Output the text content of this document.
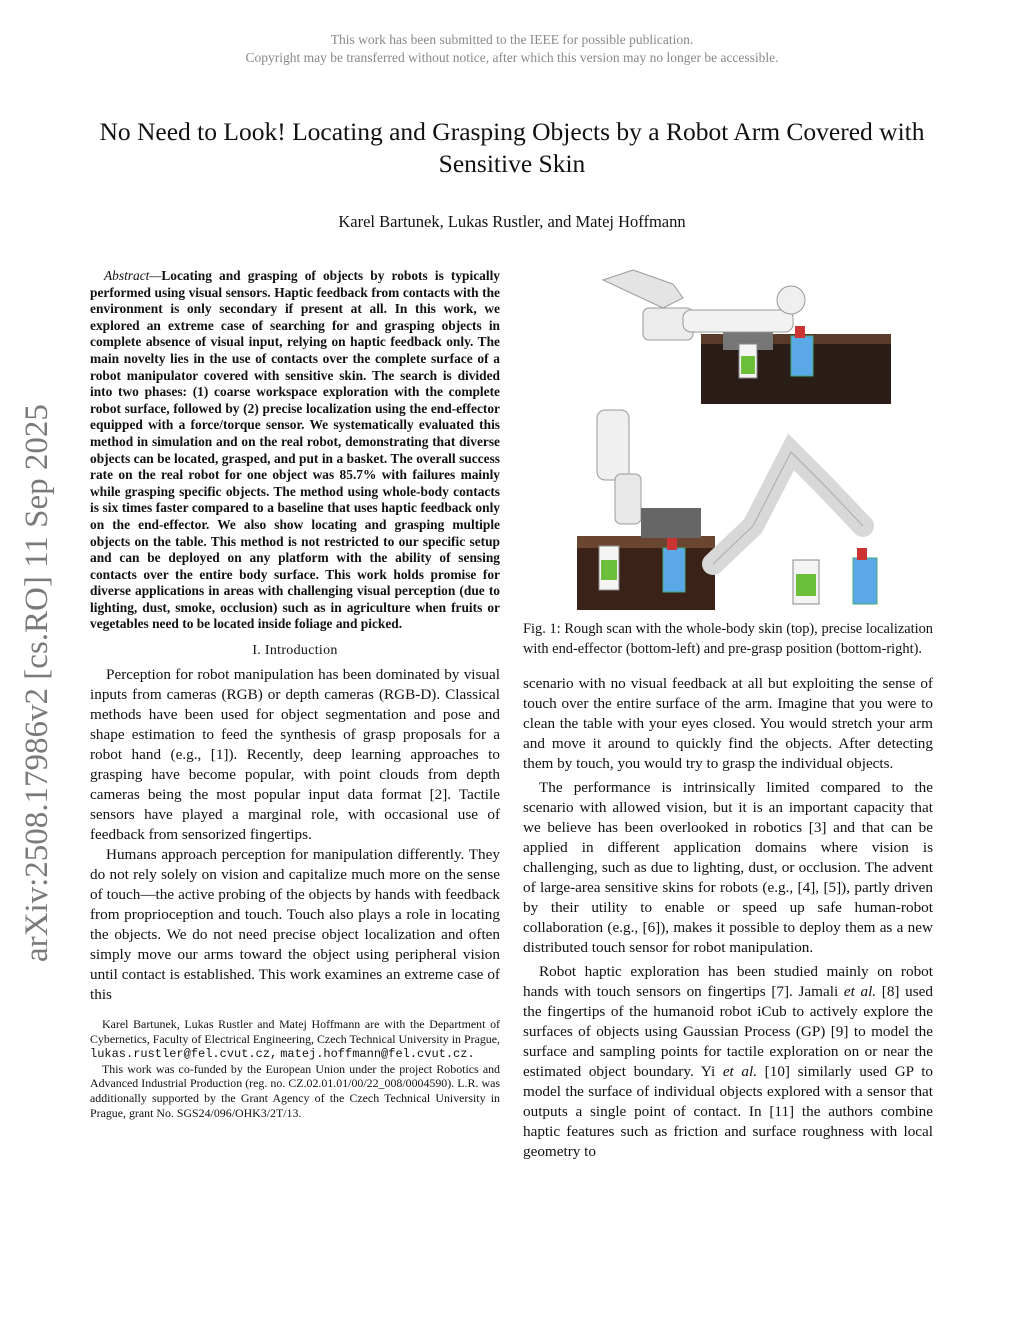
This work has been submitted to the IEEE for possible publication.
Copyright may be transferred without notice, after which this version may no longer be accessible.
No Need to Look! Locating and Grasping Objects by a Robot Arm Covered with Sensitive Skin
Karel Bartunek, Lukas Rustler, and Matej Hoffmann
arXiv:2508.17986v2 [cs.RO] 11 Sep 2025

Abstract—Locating and grasping of objects by robots is typically performed using visual sensors. Haptic feedback from contacts with the environment is only secondary if present at all. In this work, we explored an extreme case of searching for and grasping objects in complete absence of visual input, relying on haptic feedback only. The main novelty lies in the use of contacts over the complete surface of a robot manipulator covered with sensitive skin. The search is divided into two phases: (1) coarse workspace exploration with the complete robot surface, followed by (2) precise localization using the end-effector equipped with a force/torque sensor. We systematically evaluated this method in simulation and on the real robot, demonstrating that diverse objects can be located, grasped, and put in a basket. The overall success rate on the real robot for one object was 85.7% with failures mainly while grasping specific objects. The method using whole-body contacts is six times faster compared to a baseline that uses haptic feedback only on the end-effector. We also show locating and grasping multiple objects on the table. This method is not restricted to our specific setup and can be deployed on any platform with the ability of sensing contacts over the entire body surface. This work holds promise for diverse applications in areas with challenging visual perception (due to lighting, dust, smoke, occlusion) such as in agriculture when fruits or vegetables need to be located inside foliage and picked.

I. Introduction

Perception for robot manipulation has been dominated by visual inputs from cameras (RGB) or depth cameras (RGB-D). Classical methods have been used for object segmentation and pose and shape estimation to feed the synthesis of grasp proposals for a robot hand (e.g., [1]). Recently, deep learning approaches to grasping have become popular, with point clouds from depth cameras being the most popular input data format [2]. Tactile sensors have played a marginal role, with occasional use of feedback from sensorized fingertips.

Humans approach perception for manipulation differently. They do not rely solely on vision and capitalize much more on the sense of touch—the active probing of the objects by hands with feedback from proprioception and touch. Touch also plays a role in locating the objects. We do not need precise object localization and often simply move our arms toward the object using peripheral vision until contact is established. This work examines an extreme case of this

Karel Bartunek, Lukas Rustler and Matej Hoffmann are with the Department of Cybernetics, Faculty of Electrical Engineering, Czech Technical University in Prague, lukas.rustler@fel.cvut.cz, matej.hoffmann@fel.cvut.cz.

This work was co-funded by the European Union under the project Robotics and Advanced Industrial Production (reg. no. CZ.02.01.01/00/22_008/0004590). L.R. was additionally supported by the Grant Agency of the Czech Technical University in Prague, grant No. SGS24/096/OHK3/2T/13.

Fig. 1: Rough scan with the whole-body skin (top), precise localization with end-effector (bottom-left) and pre-grasp position (bottom-right).

scenario with no visual feedback at all but exploiting the sense of touch over the entire surface of the arm. Imagine that you were to clean the table with your eyes closed. You would stretch your arm and move it around to quickly find the objects. After detecting them by touch, you would try to grasp the individual objects.

The performance is intrinsically limited compared to the scenario with allowed vision, but it is an important capacity that we believe has been overlooked in robotics [3] and that can be applied in different application domains where vision is challenging, such as due to lighting, dust, or occlusion. The advent of large-area sensitive skins for robots (e.g., [4], [5]), partly driven by their utility to enable or speed up safe human-robot collaboration (e.g., [6]), makes it possible to deploy them as a new distributed touch sensor for robot manipulation.

Robot haptic exploration has been studied mainly on robot hands with touch sensors on fingertips [7]. Jamali et al. [8] used the fingertips of the humanoid robot iCub to actively explore the surfaces of objects using Gaussian Process (GP) [9] to model the surface and sampling points for tactile exploration on or near the estimated object boundary. Yi et al. [10] similarly used GP to model the surface of individual objects explored with a sensor that outputs a single point of contact. In [11] the authors combine haptic features such as friction and surface roughness with local geometry to
